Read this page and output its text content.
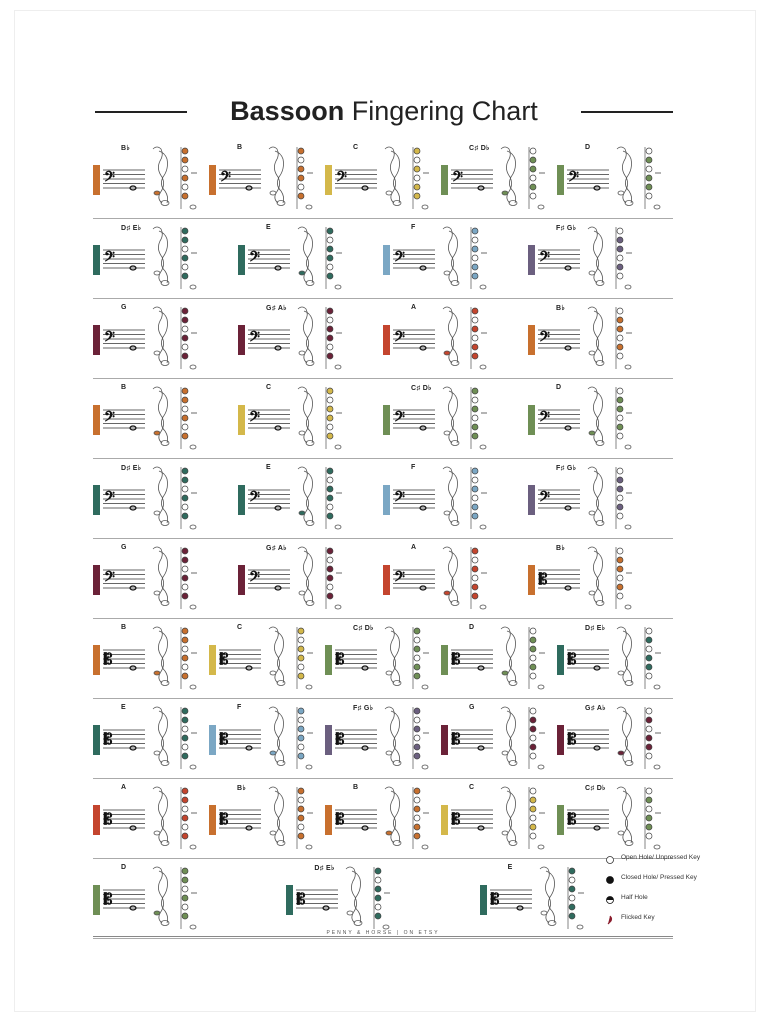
Bassoon Fingering Chart
B♭
𝄢
B
𝄢
C
𝄢
C♯ D♭
𝄢
D
𝄢
D♯ E♭
𝄢
E
𝄢
F
𝄢
F♯ G♭
𝄢
G
𝄢
G♯ A♭
𝄢
A
𝄢
B♭
𝄢
B
𝄢
C
𝄢
C♯ D♭
𝄢
D
𝄢
D♯ E♭
𝄢
E
𝄢
F
𝄢
F♯ G♭
𝄢
G
𝄢
G♯ A♭
𝄢
A
𝄢
B♭
𝄡
B
𝄡
C
𝄡
C♯ D♭
𝄡
D
𝄡
D♯ E♭
𝄡
E
𝄡
F
𝄡
F♯ G♭
𝄡
G
𝄡
G♯ A♭
𝄡
A
𝄡
B♭
𝄡
B
𝄡
C
𝄡
C♯ D♭
𝄡
D
𝄡
D♯ E♭
𝄡
E
𝄡
Open Hole/ Unpressed Key
Closed Hole/ Pressed Key
Half Hole
Flicked Key
PENNY & HORSE | ON ETSY
